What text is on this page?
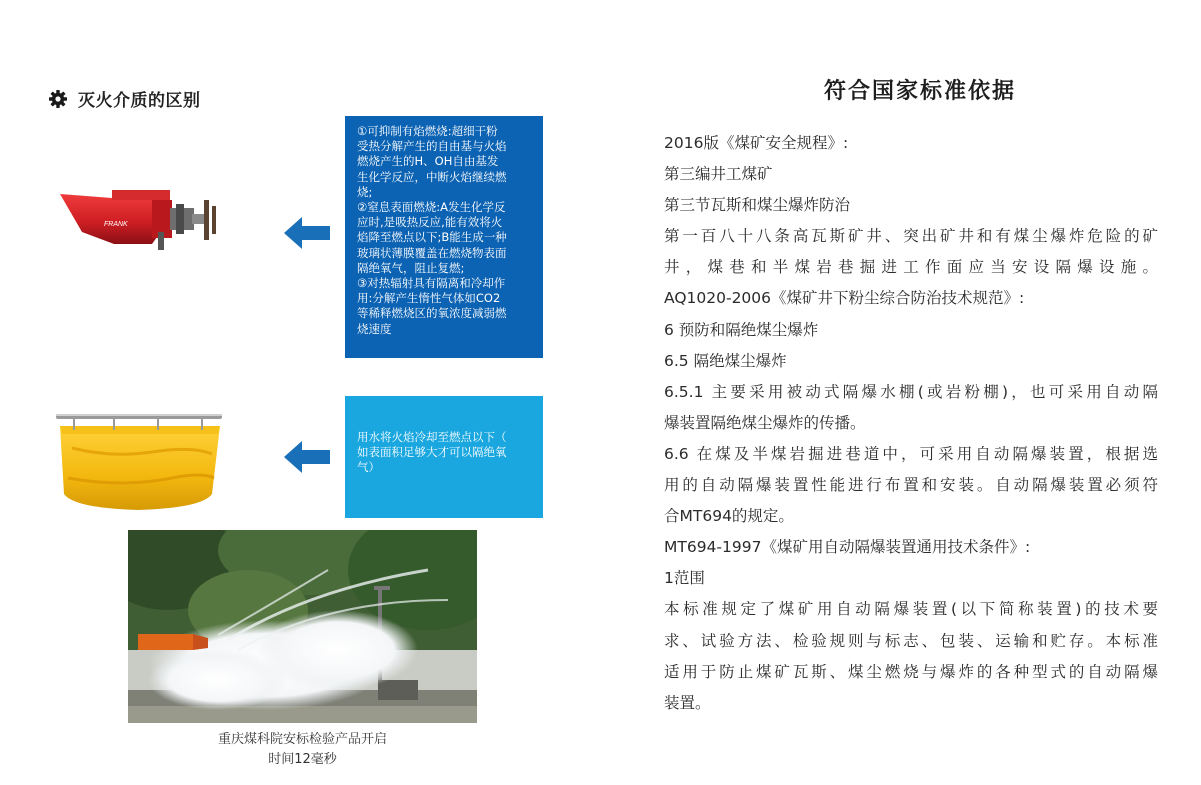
灭火介质的区别
FRANK

①可抑制有焰燃烧:超细干粉

受热分解产生的自由基与火焰

燃烧产生的H、OH自由基发

生化学反应，中断火焰继续燃

烧;

②窒息表面燃烧:A发生化学反

应时,是吸热反应,能有效将火

焰降至燃点以下;B能生成一种

玻璃状薄膜覆盖在燃烧物表面

隔绝氧气，阻止复燃;

③对热辐射具有隔离和冷却作

用:分解产生惰性气体如CO2

等稀释燃烧区的氧浓度减弱燃

烧速度

用水将火焰冷却至燃点以下（

如表面积足够大才可以隔绝氧

气）

重庆煤科院安标检验产品开启
时间12毫秒
符合国家标准依据
2016版《煤矿安全规程》:
第三编井工煤矿
第三节瓦斯和煤尘爆炸防治
第一百八十八条高瓦斯矿井、突出矿井和有煤尘爆炸危险的矿
井，煤巷和半煤岩巷掘进工作面应当安设隔爆设施。
AQ1020-2006《煤矿井下粉尘综合防治技术规范》:
6 预防和隔绝煤尘爆炸
6.5 隔绝煤尘爆炸
6.5.1 主要采用被动式隔爆水棚(或岩粉棚)，也可采用自动隔
爆装置隔绝煤尘爆炸的传播。
6.6 在煤及半煤岩掘进巷道中，可采用自动隔爆装置，根据选
用的自动隔爆装置性能进行布置和安装。自动隔爆装置必须符
合MT694的规定。
MT694-1997《煤矿用自动隔爆装置通用技术条件》:
1范围
本标准规定了煤矿用自动隔爆装置(以下简称装置)的技术要
求、试验方法、检验规则与标志、包装、运输和贮存。本标准
适用于防止煤矿瓦斯、煤尘燃烧与爆炸的各种型式的自动隔爆
装置。
